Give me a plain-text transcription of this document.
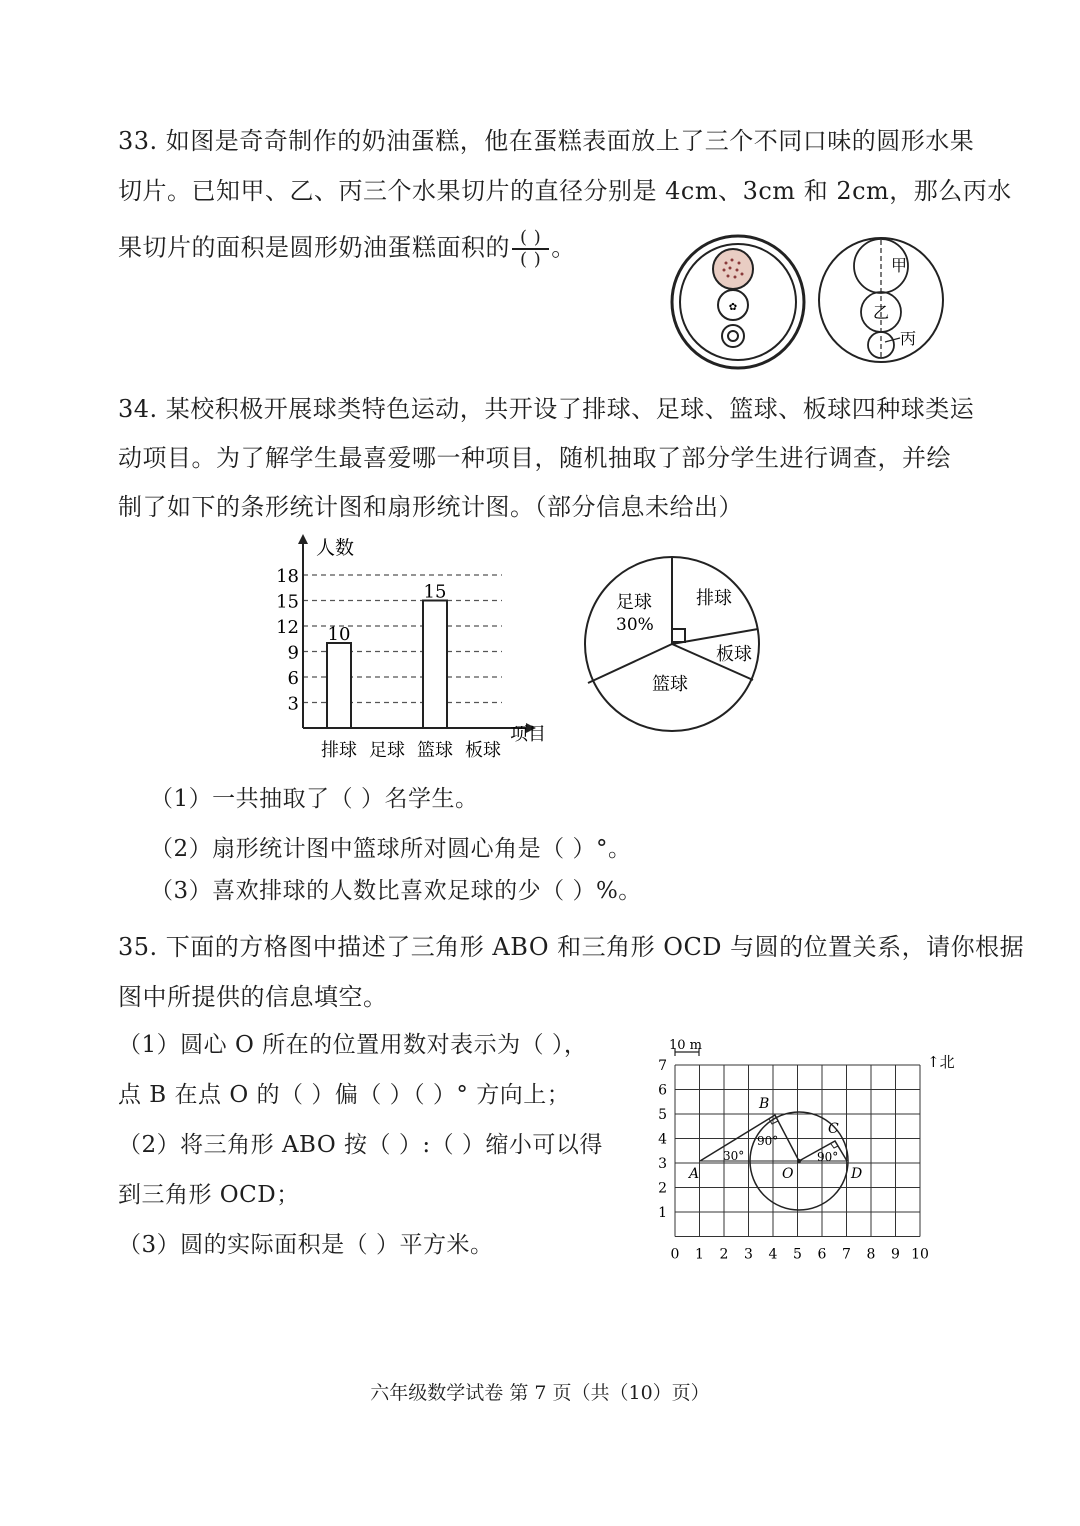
33. 如图是奇奇制作的奶油蛋糕，他在蛋糕表面放上了三个不同口味的圆形水果
切片。已知甲、乙、丙三个水果切片的直径分别是 4cm、3cm 和 2cm，那么丙水
果切片的面积是圆形奶油蛋糕面积的 $\frac{( )}{( )}$ 。
✿
甲
乙
丙
34. 某校积极开展球类特色运动，共开设了排球、足球、篮球、板球四种球类运
动项目。为了解学生最喜爱哪一种项目，随机抽取了部分学生进行调查，并绘
制了如下的条形统计图和扇形统计图。（部分信息未给出）
人数
项目
3
6
9
12
15
18
10
15
排球 足球 篮球 板球
排球
板球
篮球
足球
30%
（1）一共抽取了（ ）名学生。
（2）扇形统计图中篮球所对圆心角是（ ）°。
（3）喜欢排球的人数比喜欢足球的少（ ）%。
35. 下面的方格图中描述了三角形 ABO 和三角形 OCD 与圆的位置关系，请你根据
图中所提供的信息填空。
（1）圆心 O 所在的位置用数对表示为（ ），
点 B 在点 O 的（ ）偏（ ）（ ）° 方向上；
（2）将三角形 ABO 按（ ）:（ ）缩小可以得
到三角形 OCD；
（3）圆的实际面积是（ ）平方米。	0 1 2 3 4 5 6 7 8 9 10
1
2
3
4
5
6
7
10 m
↑北
A
B
O
C
D
30°
90°
90°
六年级数学试卷 第 7 页（共（10）页）
